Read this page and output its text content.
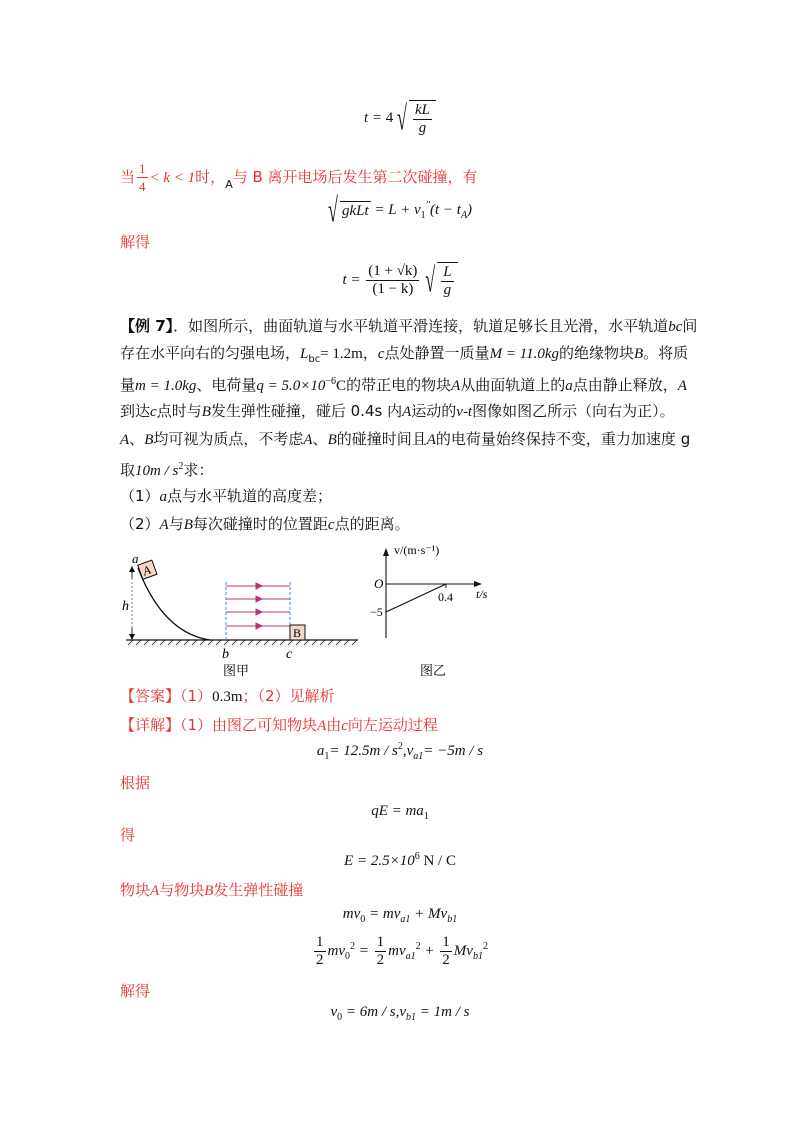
t = 4 √ $\frac{kL}{g}$
当 $\frac{1}{4} < k < 1$时，$_A$与 B 离开电场后发生第二次碰撞，有
√ gkLt = $L + v_1''(t - t_A)$
解得
$t = \frac{(1 + √k)}{(1 - k)}$
√ $\frac{L}{g}$
【例 7】．如图所示，曲面轨道与水平轨道平滑连接，轨道足够长且光滑，水平轨道bc间
存在水平向右的匀强电场，$L_{bc}= 1.2m$，c点处静置一质量M = 11.0kg的绝缘物块B。将质
量m = 1.0kg、电荷量$q = 5.0\times 10^{-6}C$的带正电的物块A从曲面轨道上的a点由静止释放，A
到达c点时与B发生弹性碰撞，碰后 0.4s 内A运动的v-t图像如图乙所示（向右为正）。
A、B均可视为质点，不考虑A、B的碰撞时间且A的电荷量始终保持不变，重力加速度 g
取$10m / s^2$求：
（1）a点与水平轨道的高度差；
（2）A与B每次碰撞时的位置距c点的距离。
h
a
A
B
b	c
图甲
v/(m·s⁻¹)
O
0.4 t/s
−5
图乙
【答案】（1）0.3m；（2）见解析
【详解】（1）由图乙可知物块A由c向左运动过程
$a_1= 12.5m / s^2,v_{a1}= -5m / s$
根据
qE = $ma_1$
得
$E = 2.5\times 10^6$ N / C
物块A与物块B发生弹性碰撞
$mv_0 = mv_{a1} + Mv_{b1}$
$\frac{1}{2} mv_0^2 = \frac{1}{2} mv_{a1}^2 + \frac{1}{2} Mv_{b1}^2$
解得
$v_0 = 6m / s,v_{b1} = 1m / s$
